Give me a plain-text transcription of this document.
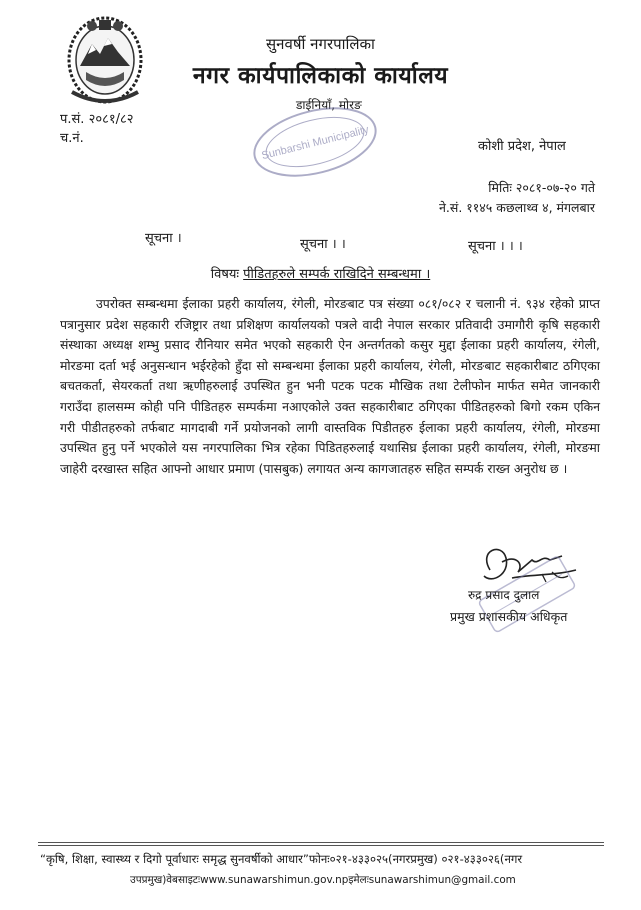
सुनवर्षी नगरपालिका
नगर कार्यपालिकाको कार्यालय
डाईनियाँ, मोरङ
प.सं. २०८१/८२
च.नं.
कोशी प्रदेश, नेपाल
Sunbarshi Municipality
मितिः २०८१-०७-२० गते
ने.सं. ११४५ कछलाथ्व ४, मंगलबार
सूचना ।	सूचना । ।	सूचना । । ।
विषयः पीडितहरुले सम्पर्क राखिदिने सम्बन्धमा ।
उपरोक्त सम्बन्धमा ईलाका प्रहरी कार्यालय, रंगेली, मोरङबाट पत्र संख्या ०८१/०८२ र चलानी नं. ९३४ रहेको प्राप्त पत्रानुसार प्रदेश सहकारी रजिष्ट्रार तथा प्रशिक्षण कार्यालयको पत्रले वादी नेपाल सरकार प्रतिवादी उमागौरी कृषि सहकारी संस्थाका अध्यक्ष शम्भु प्रसाद रौनियार समेत भएको सहकारी ऐन अन्तर्गतको कसुर मुद्दा ईलाका प्रहरी कार्यालय, रंगेली, मोरङमा दर्ता भई अनुसन्धान भईरहेको हुँदा सो सम्बन्धमा ईलाका प्रहरी कार्यालय, रंगेली, मोरङबाट सहकारीबाट ठगिएका बचतकर्ता, सेयरकर्ता तथा ऋणीहरुलाई उपस्थित हुन भनी पटक पटक मौखिक तथा टेलीफोन मार्फत समेत जानकारी गराउँदा हालसम्म कोही पनि पीडितहरु सम्पर्कमा नआएकोले उक्त सहकारीबाट ठगिएका पीडितहरुको बिगो रकम एकिन गरी पीडीतहरुको तर्फबाट मागदाबी गर्ने प्रयोजनको लागी वास्तविक पिडीतहरु ईलाका प्रहरी कार्यालय, रंगेली, मोरङमा उपस्थित हुनु पर्ने भएकोले यस नगरपालिका भित्र रहेका पिडितहरुलाई यथासिघ्र ईलाका प्रहरी कार्यालय, रंगेली, मोरङमा जाहेरी दरखास्त सहित आफ्नो आधार प्रमाण (पासबुक) लगायत अन्य कागजातहरु सहित सम्पर्क राख्न अनुरोध छ ।
रुद्र प्रसाद दुलाल
प्रमुख प्रशासकीय अधिकृत
“कृषि, शिक्षा, स्वास्थ्य र दिगो पूर्वाधारः समृद्ध सुनवर्षीको आधार”फोनः०२१-४३३०२५(नगरप्रमुख) ०२१-४३३०२६(नगर
उपप्रमुख)वेबसाइटःwww.sunawarshimun.gov.npइमेलःsunawarshimun@gmail.com
